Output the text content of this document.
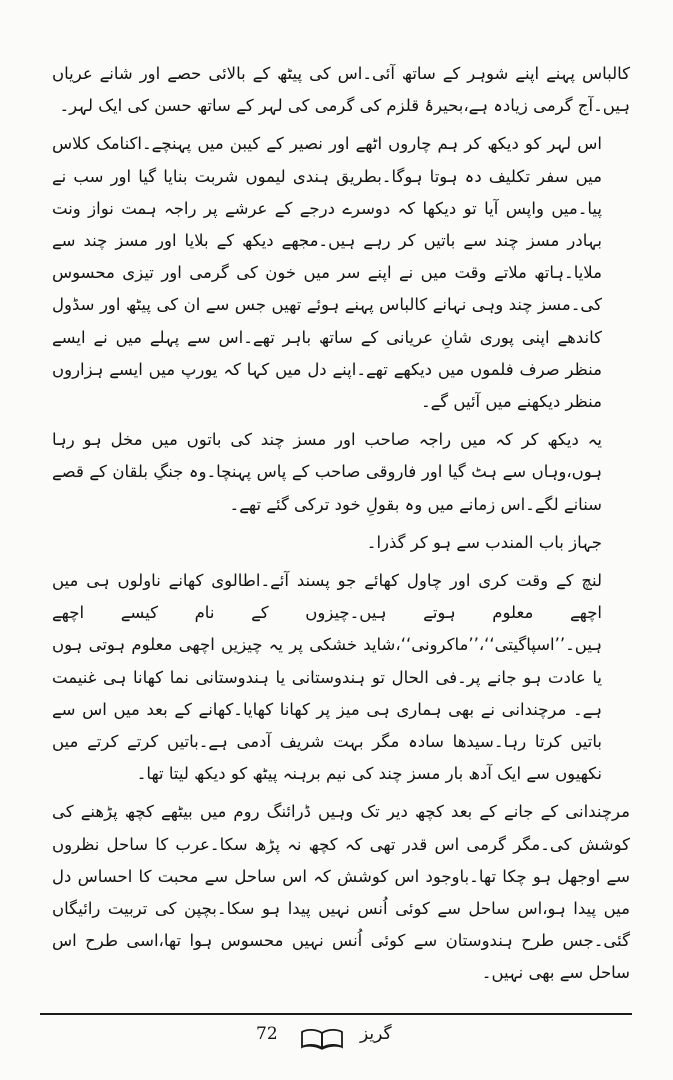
کالباس پہنے اپنے شوہر کے ساتھ آئی۔اس کی پیٹھ کے بالائی حصے اور شانے عریاں ہیں۔آج گرمی زیادہ ہے،بحیرۂ قلزم کی گرمی کی لہر کے ساتھ حسن کی ایک لہر۔

اس لہر کو دیکھ کر ہم چاروں اٹھے اور نصیر کے کیبن میں پہنچے۔اکنامک کلاس میں سفر تکلیف دہ ہوتا ہوگا۔بطریق ہندی لیموں شربت بنایا گیا اور سب نے پیا۔میں واپس آیا تو دیکھا کہ دوسرے درجے کے عرشے پر راجہ ہمت نواز ونت بہادر مسز چند سے باتیں کر رہے ہیں۔مجھے دیکھ کے بلایا اور مسز چند سے ملایا۔ہاتھ ملاتے وقت میں نے اپنے سر میں خون کی گرمی اور تیزی محسوس کی۔مسز چند وہی نہانے کالباس پہنے ہوئے تھیں جس سے ان کی پیٹھ اور سڈول کاندھے اپنی پوری شانِ عریانی کے ساتھ باہر تھے۔اس سے پہلے میں نے ایسے منظر صرف فلموں میں دیکھے تھے۔اپنے دل میں کہا کہ یورپ میں ایسے ہزاروں منظر دیکھنے میں آئیں گے۔

یہ دیکھ کر کہ میں راجہ صاحب اور مسز چند کی باتوں میں مخل ہو رہا ہوں،وہاں سے ہٹ گیا اور فاروقی صاحب کے پاس پہنچا۔وہ جنگِ بلقان کے قصے سنانے لگے۔اس زمانے میں وہ بقولِ خود ترکی گئے تھے۔

جہاز باب المندب سے ہو کر گذرا۔

لنچ کے وقت کری اور چاول کھائے جو پسند آئے۔اطالوی کھانے ناولوں ہی میں اچھے معلوم ہوتے ہیں۔چیزوں کے نام کیسے اچھے ہیں۔’’اسپاگیتی‘‘،’’ماکرونی‘‘،شاید خشکی پر یہ چیزیں اچھی معلوم ہوتی ہوں یا عادت ہو جانے پر۔فی الحال تو ہندوستانی یا ہندوستانی نما کھانا ہی غنیمت ہے۔ مرچندانی نے بھی ہماری ہی میز پر کھانا کھایا۔کھانے کے بعد میں اس سے باتیں کرتا رہا۔سیدھا سادہ مگر بہت شریف آدمی ہے۔باتیں کرتے کرتے میں نکھیوں سے ایک آدھ بار مسز چند کی نیم برہنہ پیٹھ کو دیکھ لیتا تھا۔

مرچندانی کے جانے کے بعد کچھ دیر تک وہیں ڈرائنگ روم میں بیٹھے کچھ پڑھنے کی کوشش کی۔مگر گرمی اس قدر تھی کہ کچھ نہ پڑھ سکا۔عرب کا ساحل نظروں سے اوجھل ہو چکا تھا۔باوجود اس کوشش کہ اس ساحل سے محبت کا احساس دل میں پیدا ہو،اس ساحل سے کوئی اُنس نہیں پیدا ہو سکا۔بچپن کی تربیت رائیگاں گئی۔جس طرح ہندوستان سے کوئی اُنس نہیں محسوس ہوا تھا،اسی طرح اس ساحل سے بھی نہیں۔

گریز
72
